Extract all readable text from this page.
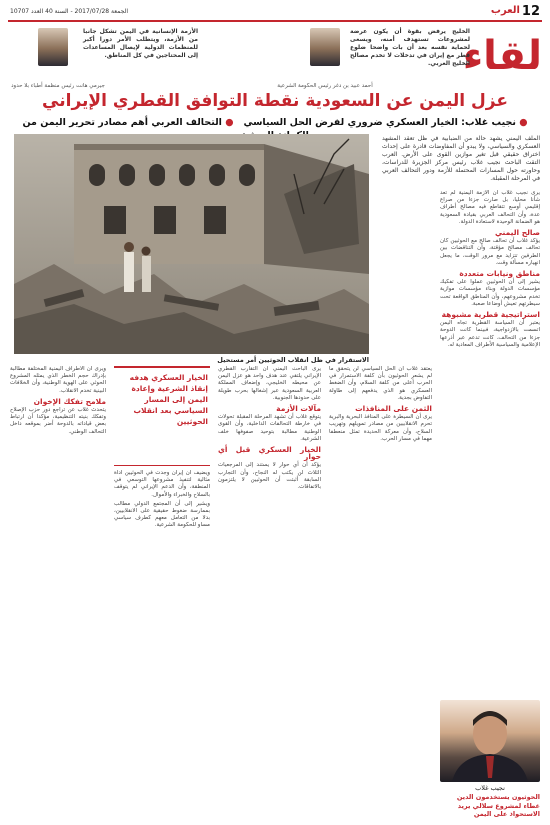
12
العرب
الجمعة 2017/07/28 - السنة 40 العدد 10707
لقاء
الخليج يرفض بقوة أن يكون عرضة لمشروعات تستهدف أمنه، ويسعى لحماية نفسه بعد أن بات واضحا ضلوع قطر مع إيران في تدخلات لا تخدم مصالح الخليج العربي.
أحمد عبيد بن دغر رئيس الحكومة الشرعية
الأزمة الإنسانية في اليمن تشكل جانبا من الأزمة، ويتطلب الأمر دورا أكبر للمنظمات الدولية لإيصال المساعدات إلى المحتاجين في كل المناطق.
جيرمي هانت رئيس منظمة أطباء بلا حدود
عزل اليمن عن السعودية نقطة التوافق القطري الإيراني
● نجيب غلاب: الخيار العسكري ضروري لفرض الحل السياسي   ● التحالف العربي أهم مصادر تحرير اليمن من
الملف اليمني يشهد حالة من الضبابية في ظل تعقد المشهد العسكري والسياسي، ولا يبدو أن المفاوضات قادرة على إحداث اختراق حقيقي قبل تغير موازين القوى على الأرض. العرب التقت الباحث نجيب غلاب رئيس مركز الجزيرة للدراسات، وحاورته حول المسارات المحتملة للأزمة ودور التحالف العربي في المرحلة المقبلة.
الاستقرار في ظل انقلاب الحوثيين أمر مستحيل

يرى نجيب غلاب أن الأزمة اليمنية لم تعد شأنا محليا، بل صارت جزءا من صراع إقليمي أوسع تتقاطع فيه مصالح أطراف عدة، وأن التحالف العربي بقيادة السعودية هو الضمانة الوحيدة لاستعادة الدولة.

صالح اليمني

يؤكد غلاب أن تحالف صالح مع الحوثيين كان تحالف مصالح مؤقتة، وأن التناقضات بين الطرفين تتزايد مع مرور الوقت، ما يجعل انهياره مسألة وقت.

مناطق ونيابات متعددة

يشير إلى أن الحوثيين عملوا على تفكيك مؤسسات الدولة وبناء مؤسسات موازية تخدم مشروعهم، وأن المناطق الواقعة تحت سيطرتهم تعيش أوضاعا صعبة.

استراتيجية قطرية مشبوهة

يعتبر أن السياسة القطرية تجاه اليمن اتسمت بالازدواجية، فبينما كانت الدوحة جزءا من التحالف، كانت تدعم عبر أذرعها الإعلامية والسياسية الأطراف المعادية له.

يعتقد غلاب أن الحل السياسي لن يتحقق ما لم يشعر الحوثيون بأن كلفة الاستمرار في الحرب أعلى من كلفة السلام، وأن الضغط العسكري هو الذي يدفعهم إلى طاولة التفاوض بجدية.

الثمن على المنافذات

يرى أن السيطرة على المنافذ البحرية والبرية تحرم الانقلابيين من مصادر تمويلهم وتهريب السلاح، وأن معركة الحديدة تمثل منعطفا مهما في مسار الحرب.

يرى الباحث اليمني أن التقارب القطري الإيراني يلتقي عند هدف واحد هو عزل اليمن عن محيطه الخليجي، وإضعاف المملكة العربية السعودية عبر إشغالها بحرب طويلة على حدودها الجنوبية.

مآلات الأزمة

يتوقع غلاب أن تشهد المرحلة المقبلة تحولات في خارطة التحالفات الداخلية، وأن القوى الوطنية مطالبة بتوحيد صفوفها خلف الشرعية.

الخيار العسكري قبل أي حوار

يؤكد أن أي حوار لا يستند إلى المرجعيات الثلاث لن يكتب له النجاح، وأن التجارب السابقة أثبتت أن الحوثيين لا يلتزمون بالاتفاقات.

ويضيف أن إيران وجدت في الحوثيين أداة مثالية لتنفيذ مشروعها التوسعي في المنطقة، وأن الدعم الإيراني لم يتوقف بالسلاح والخبراء والأموال.

ويشير إلى أن المجتمع الدولي مطالب بممارسة ضغوط حقيقية على الانقلابيين، بدلا من التعامل معهم كطرف سياسي مساو للحكومة الشرعية.

ويرى أن الأطراف اليمنية المختلفة مطالبة بإدراك حجم الخطر الذي يمثله المشروع الحوثي على الهوية الوطنية، وأن الخلافات البينية تخدم الانقلاب.

ملامح تفكك الإخوان

يتحدث غلاب عن تراجع دور حزب الإصلاح وتفكك بنيته التنظيمية، مؤكدا أن ارتباط بعض قياداته بالدوحة أضر بموقعه داخل التحالف الوطني.

الخيار العسكري هدفه إنقاذ الشرعية وإعادة اليمن إلى المسار السياسي بعد انقلاب الحوثيين
نجيب غلاب
الحوثيون يستخدمون الدين غطاء لمشروع سلالي يريد الاستحواذ على اليمن
